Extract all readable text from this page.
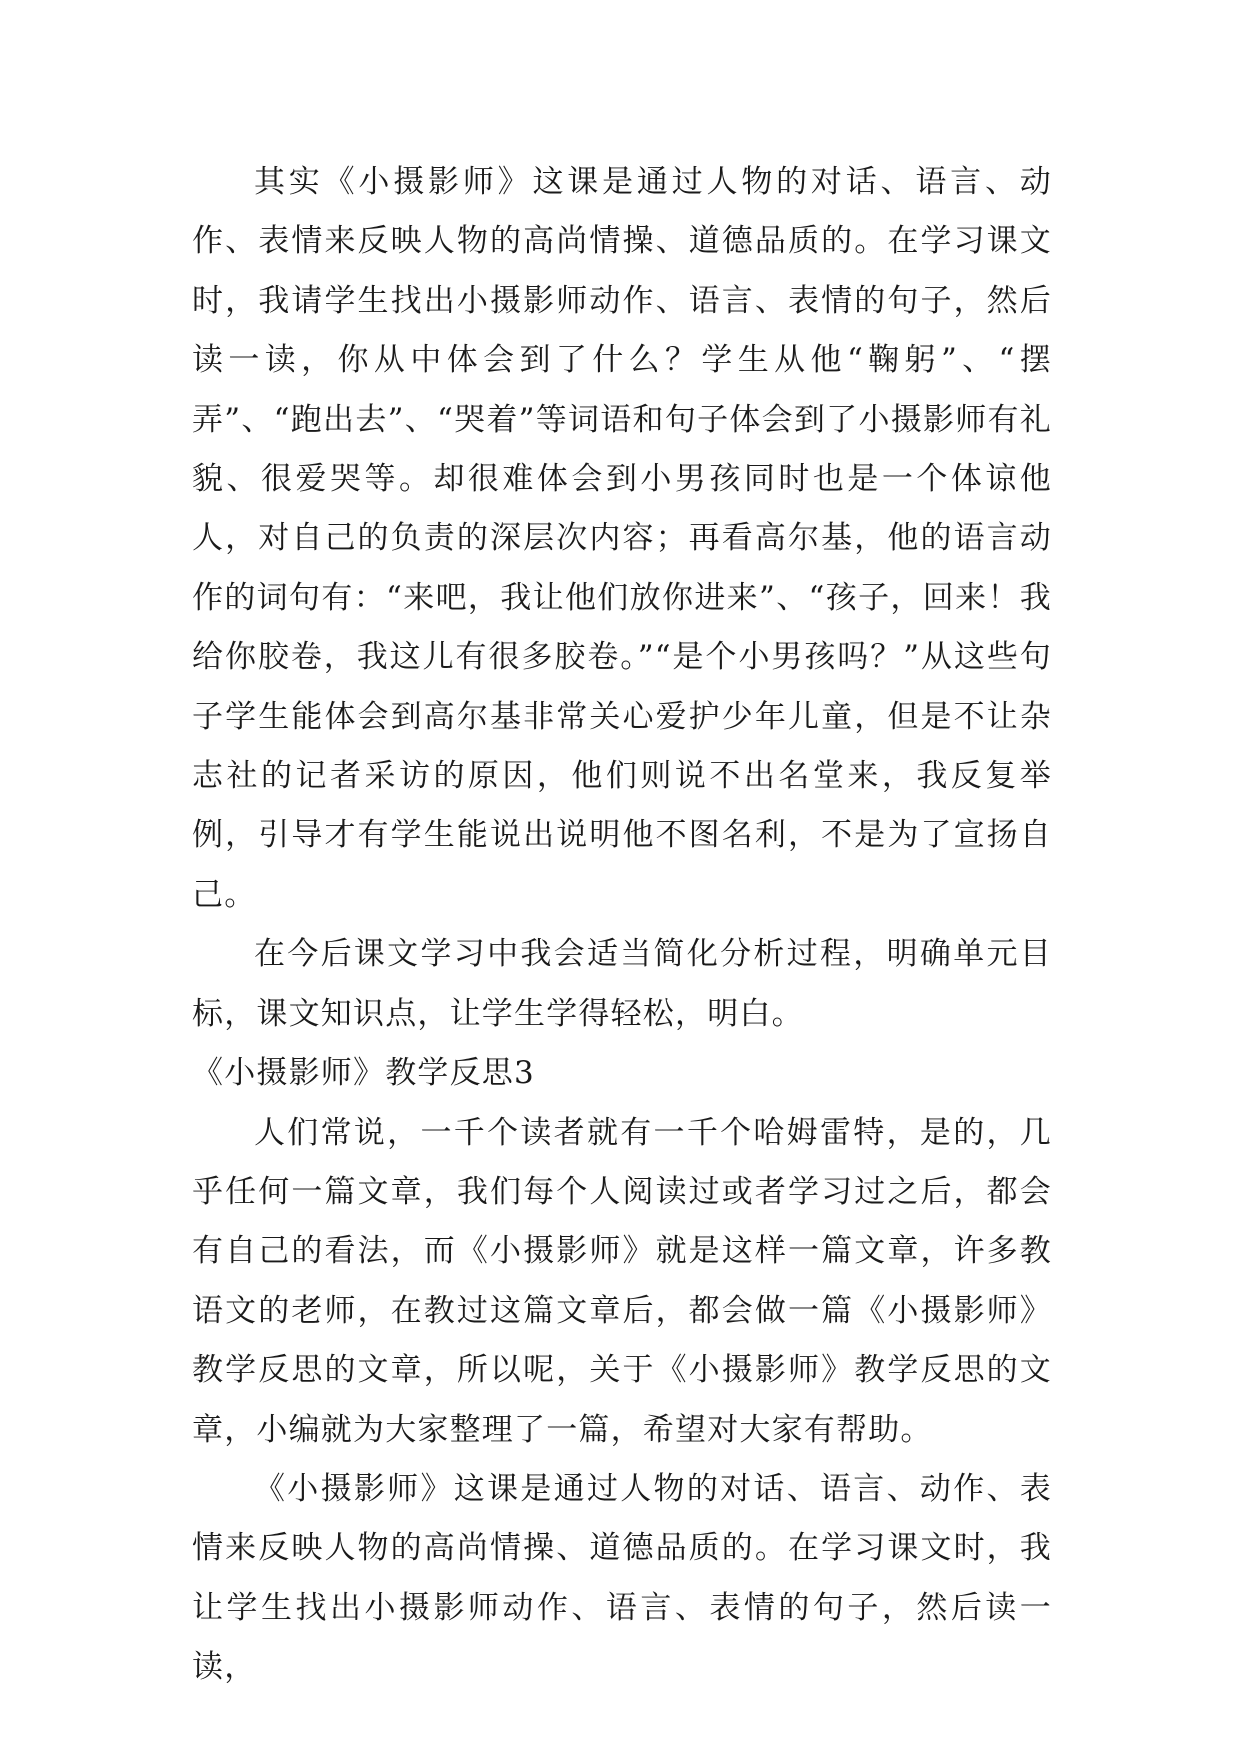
其实《小摄影师》这课是通过人物的对话、语言、动作、表情来反映人物的高尚情操、道德品质的。在学习课文时，我请学生找出小摄影师动作、语言、表情的句子，然后读一读，你从中体会到了什么？学生从他“鞠躬”、“摆弄”、“跑出去”、“哭着”等词语和句子体会到了小摄影师有礼貌、很爱哭等。却很难体会到小男孩同时也是一个体谅他人，对自己的负责的深层次内容；再看高尔基，他的语言动作的词句有：“来吧，我让他们放你进来”、“孩子，回来！我给你胶卷，我这儿有很多胶卷。”“是个小男孩吗？”从这些句子学生能体会到高尔基非常关心爱护少年儿童，但是不让杂志社的记者采访的原因，他们则说不出名堂来，我反复举例，引导才有学生能说出说明他不图名利，不是为了宣扬自己。

在今后课文学习中我会适当简化分析过程，明确单元目标，课文知识点，让学生学得轻松，明白。

《小摄影师》教学反思3

人们常说，一千个读者就有一千个哈姆雷特，是的，几乎任何一篇文章，我们每个人阅读过或者学习过之后，都会有自己的看法，而《小摄影师》就是这样一篇文章，许多教语文的老师，在教过这篇文章后，都会做一篇《小摄影师》教学反思的文章，所以呢，关于《小摄影师》教学反思的文章，小编就为大家整理了一篇，希望对大家有帮助。

《小摄影师》这课是通过人物的对话、语言、动作、表情来反映人物的高尚情操、道德品质的。在学习课文时，我让学生找出小摄影师动作、语言、表情的句子，然后读一读，
